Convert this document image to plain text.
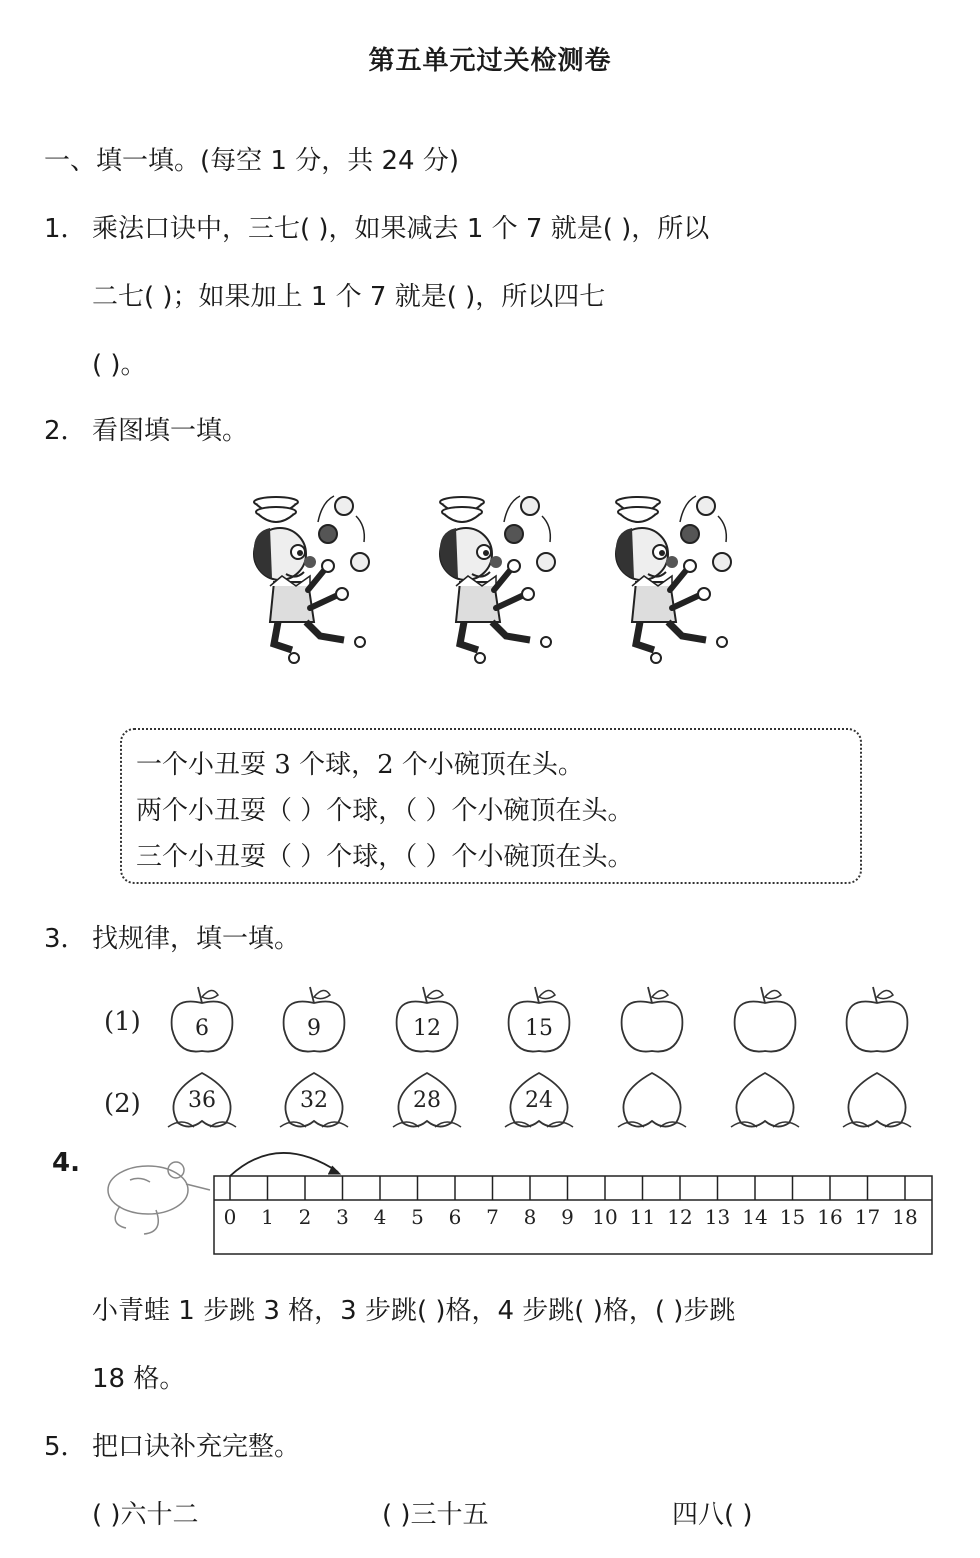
第五单元过关检测卷
一、填一填。(每空 1 分，共 24 分)
1． 乘法口诀中，三七( )，如果减去 1 个 7 就是( )，所以
二七( )；如果加上 1 个 7 就是( )，所以四七
( )。
2． 看图填一填。
一个小丑耍 3 个球，2 个小碗顶在头。
两个小丑耍（ ）个球，（ ）个小碗顶在头。
三个小丑耍（ ）个球，（ ）个小碗顶在头。
3． 找规律，填一填。
(1)
(2)
6	9	12	15
36	32	28	24
4.
0 1 2 3 4 5 6 7 8 9 10 11 12 13 14 15 16 17 18
小青蛙 1 步跳 3 格，3 步跳( )格，4 步跳( )格，( )步跳
18 格。
5． 把口诀补充完整。
( )六十二	( )三十五	四八( )
